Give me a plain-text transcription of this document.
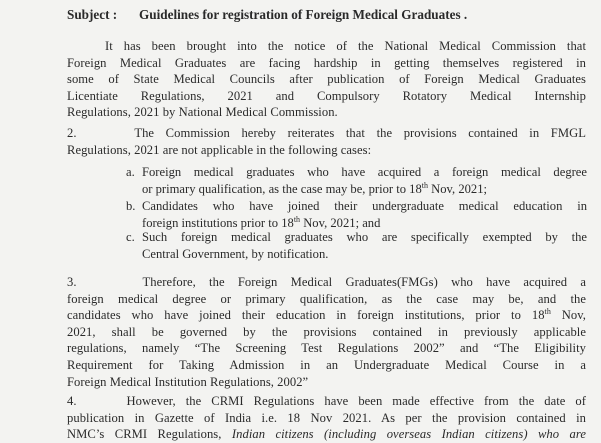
Subject : Guidelines for registration of Foreign Medical Graduates .
It has been brought into the notice of the National Medical Commission that
Foreign Medical Graduates are facing hardship in getting themselves registered in
some of State Medical Councils after publication of Foreign Medical Graduates
Licentiate Regulations, 2021 and Compulsory Rotatory Medical Internship
Regulations, 2021 by National Medical Commission.
2.     The Commission hereby reiterates that the provisions contained in FMGL
Regulations, 2021 are not applicable in the following cases:
a. Foreign medical graduates who have acquired a foreign medical degree
or primary qualification, as the case may be, prior to 18th Nov, 2021;
b. Candidates who have joined their undergraduate medical education in
foreign institutions prior to 18th Nov, 2021; and
c. Such foreign medical graduates who are specifically exempted by the
Central Government, by notification.
3.     Therefore, the Foreign Medical Graduates(FMGs) who have acquired a
foreign medical degree or primary qualification, as the case may be, and the
candidates who have joined their education in foreign institutions, prior to 18th Nov,
2021, shall be governed by the provisions contained in previously applicable
regulations, namely “The Screening Test Regulations 2002” and “The Eligibility
Requirement for Taking Admission in an Undergraduate Medical Course in a
Foreign Medical Institution Regulations, 2002”
4.     However, the CRMI Regulations have been made effective from the date of
publication in Gazette of India i.e. 18 Nov 2021. As per the provision contained in
NMC’s CRMI Regulations, Indian citizens (including overseas Indian citizens) who are
